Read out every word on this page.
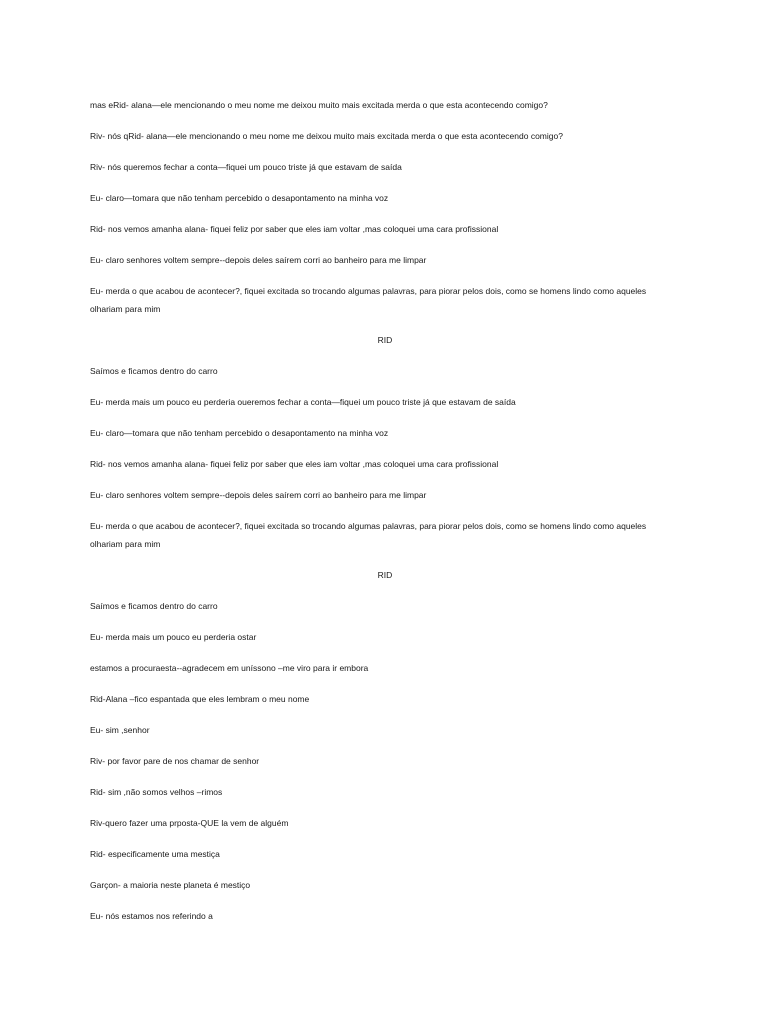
mas eRid- alana—ele mencionando o meu nome me deixou muito mais excitada merda o que esta acontecendo comigo?

Riv- nós qRid- alana—ele mencionando o meu nome me deixou muito mais excitada merda o que esta acontecendo comigo?

Riv- nós queremos fechar a conta—fiquei um pouco triste já que estavam de saída

Eu- claro—tomara que não tenham percebido o desapontamento na minha voz

Rid- nos vemos amanha alana- fiquei feliz por saber que eles iam voltar ,mas coloquei uma cara profissional

Eu- claro senhores voltem sempre--depois deles saírem corri ao banheiro para me limpar

Eu- merda o que acabou de acontecer?, fiquei excitada so trocando algumas palavras, para piorar pelos dois, como se homens lindo como aqueles olhariam para mim

RID

Saímos e ficamos dentro do carro

Eu- merda mais um pouco eu perderia ouerеmos fechar a conta—fiquei um pouco triste já que estavam de saída

Eu- claro—tomara que não tenham percebido o desapontamento na minha voz

Rid- nos vemos amanha alana- fiquei feliz por saber que eles iam voltar ,mas coloquei uma cara profissional

Eu- claro senhores voltem sempre--depois deles saírem corri ao banheiro para me limpar

Eu- merda o que acabou de acontecer?, fiquei excitada so trocando algumas palavras, para piorar pelos dois, como se homens lindo como aqueles olhariam para mim

RID

Saímos e ficamos dentro do carro

Eu- merda mais um pouco eu perderia ostar

estamos a procuraesta--agradecem em uníssono –me viro para ir embora

Rid-Alana –fico espantada que eles lembram o meu nome

Eu- sim ,senhor

Riv- por favor pare de nos chamar de senhor

Rid- sim ,não somos velhos –rimos

Riv-quero fazer uma prposta-QUE la vem de alguém

Rid- especificamente uma mestiça

Garçon- a maioria neste planeta é mestiço

Eu- nós estamos nos referindo a
